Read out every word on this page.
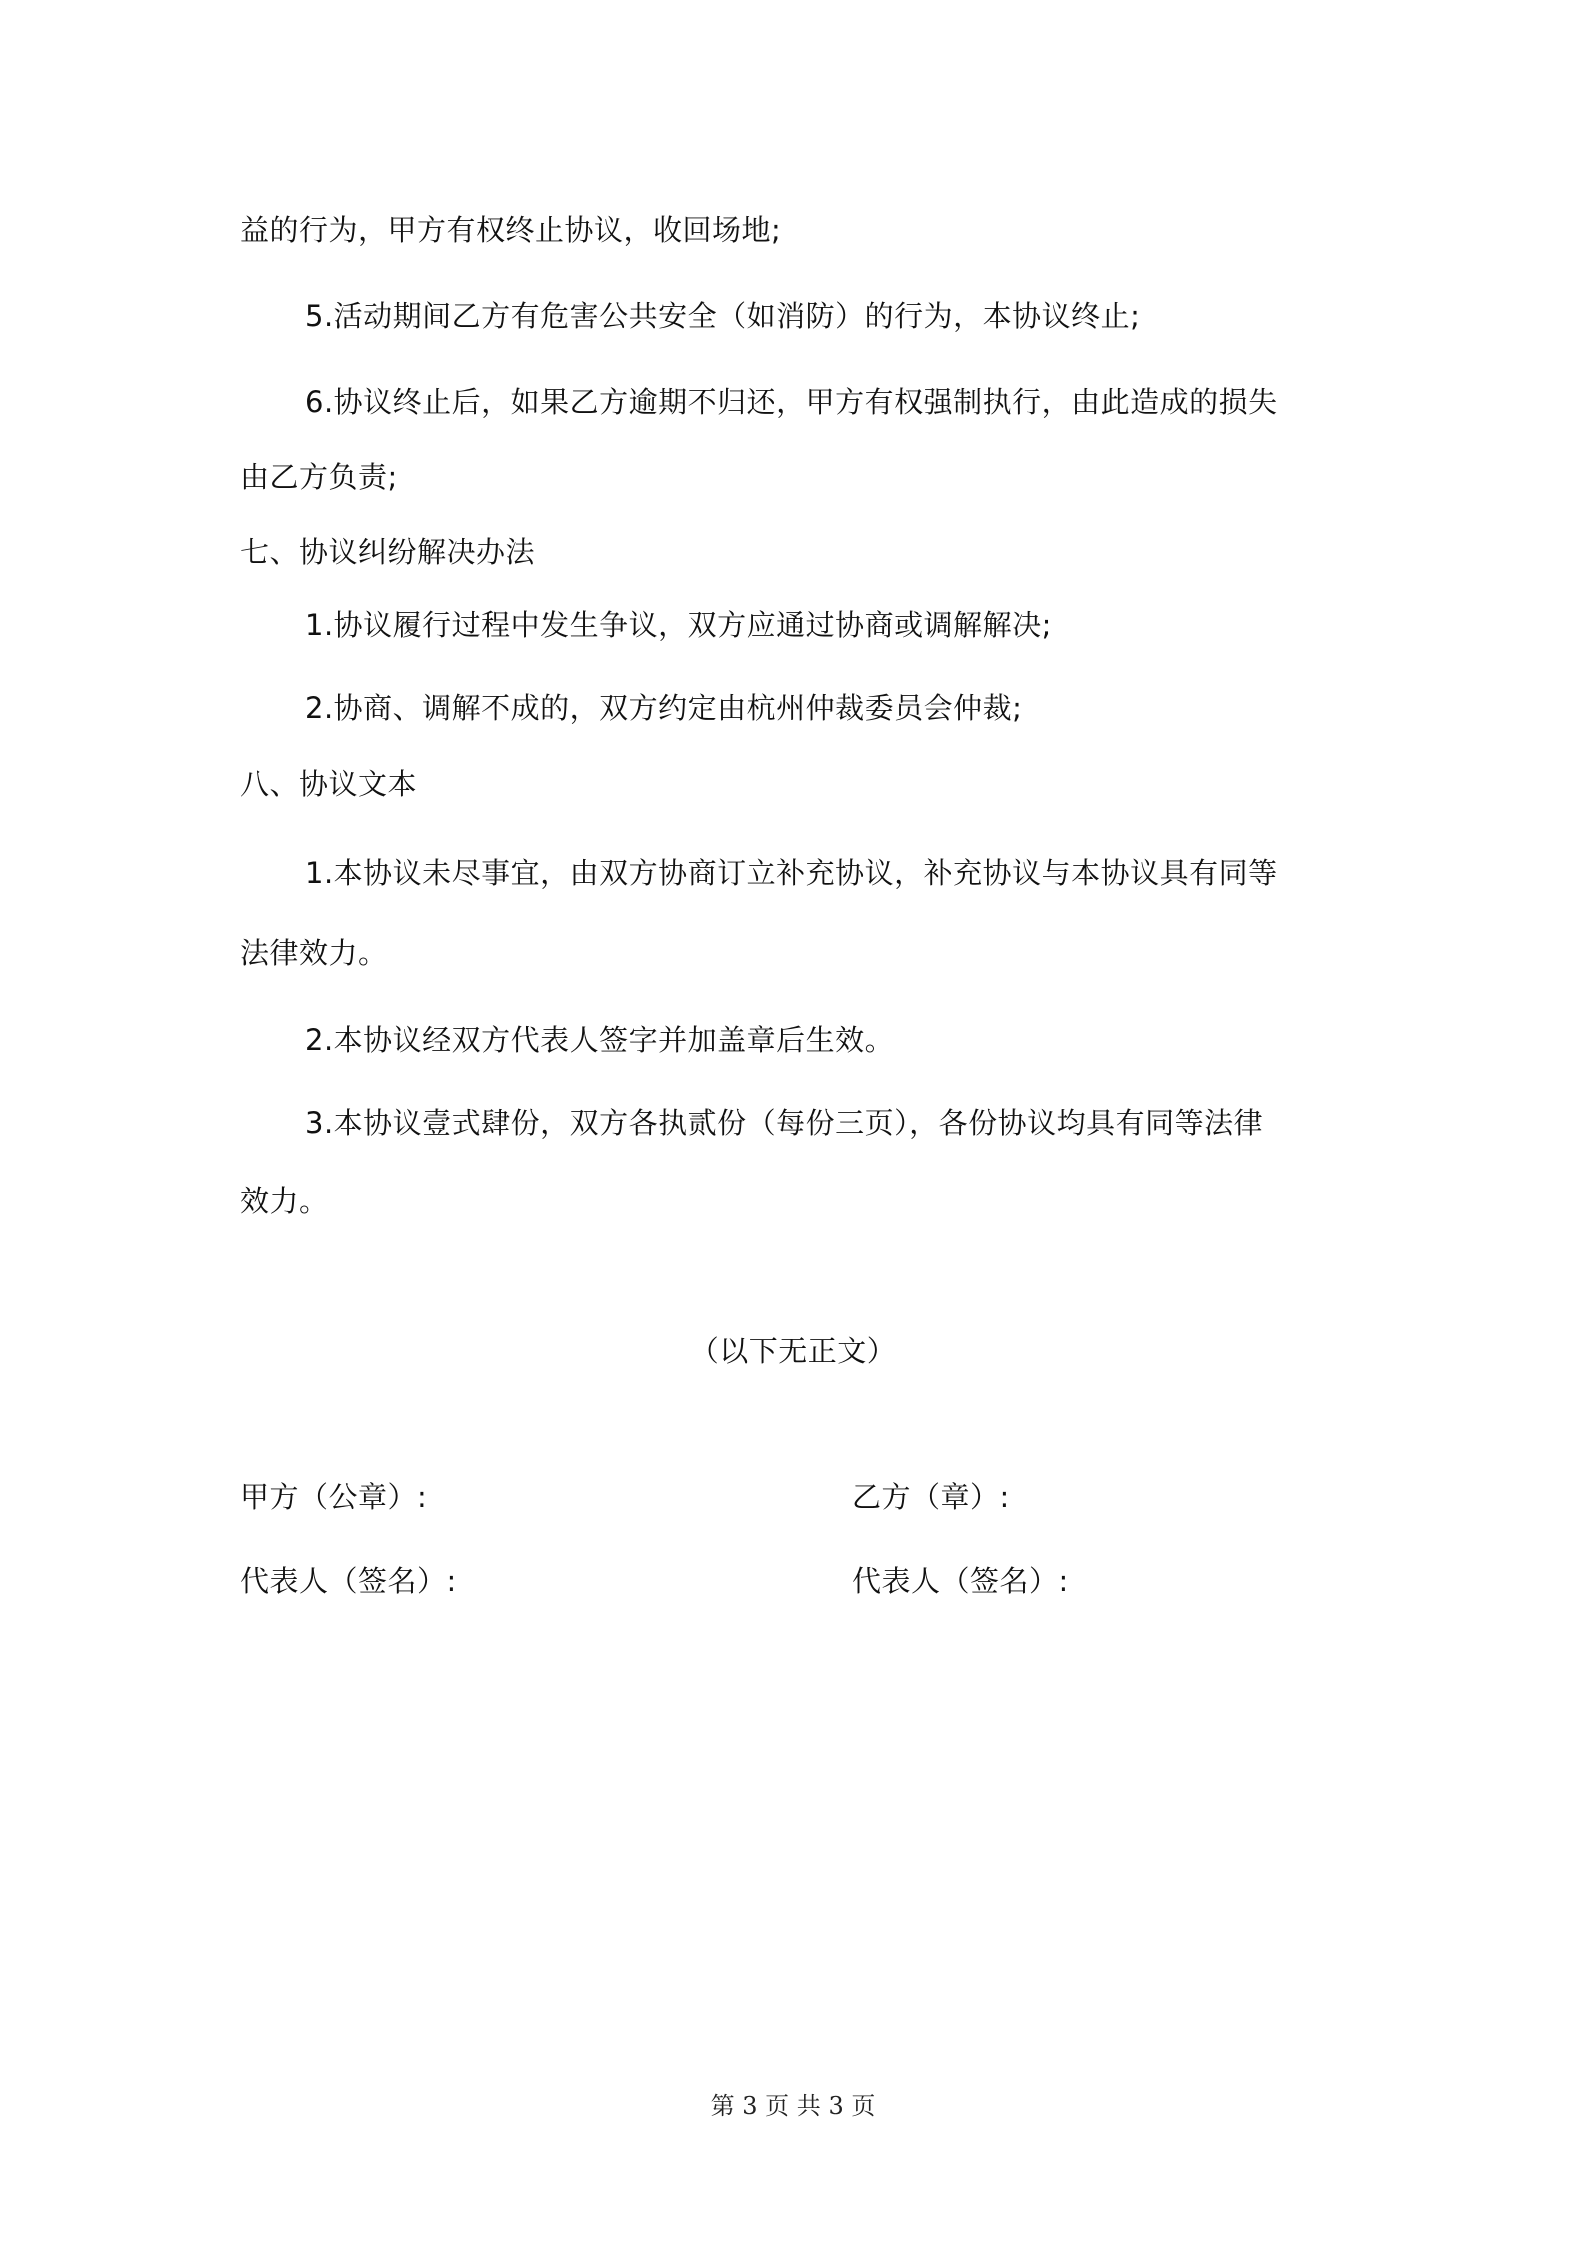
益的行为，甲方有权终止协议，收回场地;

5.活动期间乙方有危害公共安全（如消防）的行为，本协议终止;

6.协议终止后，如果乙方逾期不归还，甲方有权强制执行，由此造成的损失

由乙方负责;

七、协议纠纷解决办法

1.协议履行过程中发生争议，双方应通过协商或调解解决;

2.协商、调解不成的，双方约定由杭州仲裁委员会仲裁;

八、协议文本

1.本协议未尽事宜，由双方协商订立补充协议，补充协议与本协议具有同等

法律效力。

2.本协议经双方代表人签字并加盖章后生效。

3.本协议壹式肆份，双方各执贰份（每份三页），各份协议均具有同等法律

效力。

（以下无正文）

甲方（公章）:	乙方（章）:

代表人（签名）:	代表人（签名）:

第 3 页 共 3 页
